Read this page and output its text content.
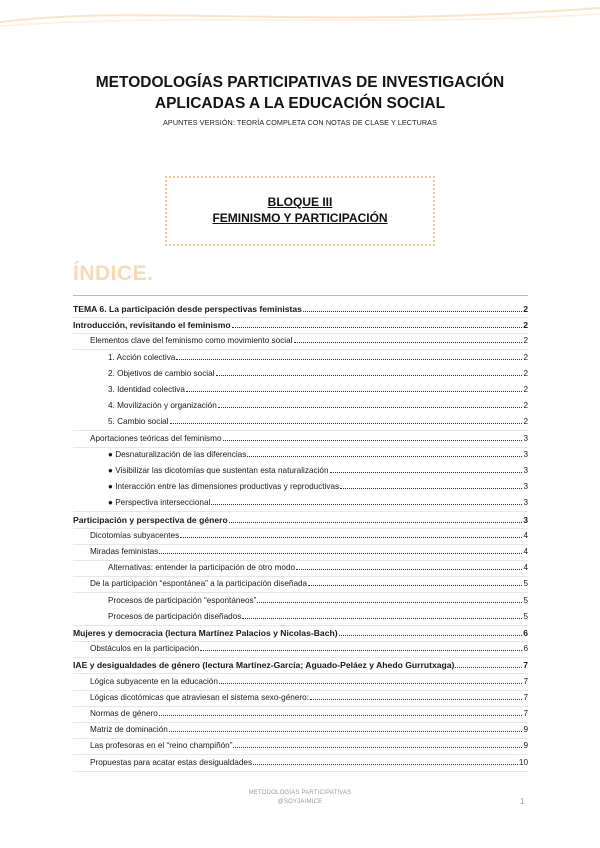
METODOLOGÍAS PARTICIPATIVAS DE INVESTIGACIÓN
APLICADAS A LA EDUCACIÓN SOCIAL
APUNTES VERSIÓN: TEORÍA COMPLETA CON NOTAS DE CLASE Y LECTURAS
BLOQUE III
FEMINISMO Y PARTICIPACIÓN
ÍNDICE.
TEMA 6. La participación desde perspectivas feministas	2
Introducción, revisitando el feminismo	2
Elementos clave del feminismo como movimiento social	2
1. Acción colectiva	2
2. Objetivos de cambio social	2
3. Identidad colectiva	2
4. Movilización y organización	2
5. Cambio social	2
Aportaciones teóricas del feminismo	3
● Desnaturalización de las diferencias	3
● Visibilizar las dicotomías que sustentan esta naturalización	3
● Interacción entre las dimensiones productivas y reproductivas	3
● Perspectiva interseccional	3
Participación y perspectiva de género	3
Dicotomías subyacentes	4
Miradas feministas	4
Alternativas: entender la participación de otro modo	4
De la participación “espontánea” a la participación diseñada	5
Procesos de participación “espontáneos”	5
Procesos de participación diseñados	5
Mujeres y democracia (lectura Martínez Palacios y Nicolas-Bach)	6
Obstáculos en la participación	6
IAE y desigualdades de género (lectura Martínez-García; Aguado-Peláez y Ahedo Gurrutxaga)	7
Lógica subyacente en la educación	7
Lógicas dicotómicas que atraviesan el sistema sexo-género:	7
Normas de género	7
Matriz de dominación	9
Las profesoras en el “reino champiñón”	9
Propuestas para acatar estas desigualdades	10
METODOLOGÍAS PARTICIPATIVAS
@SOYJAIMICE	1
